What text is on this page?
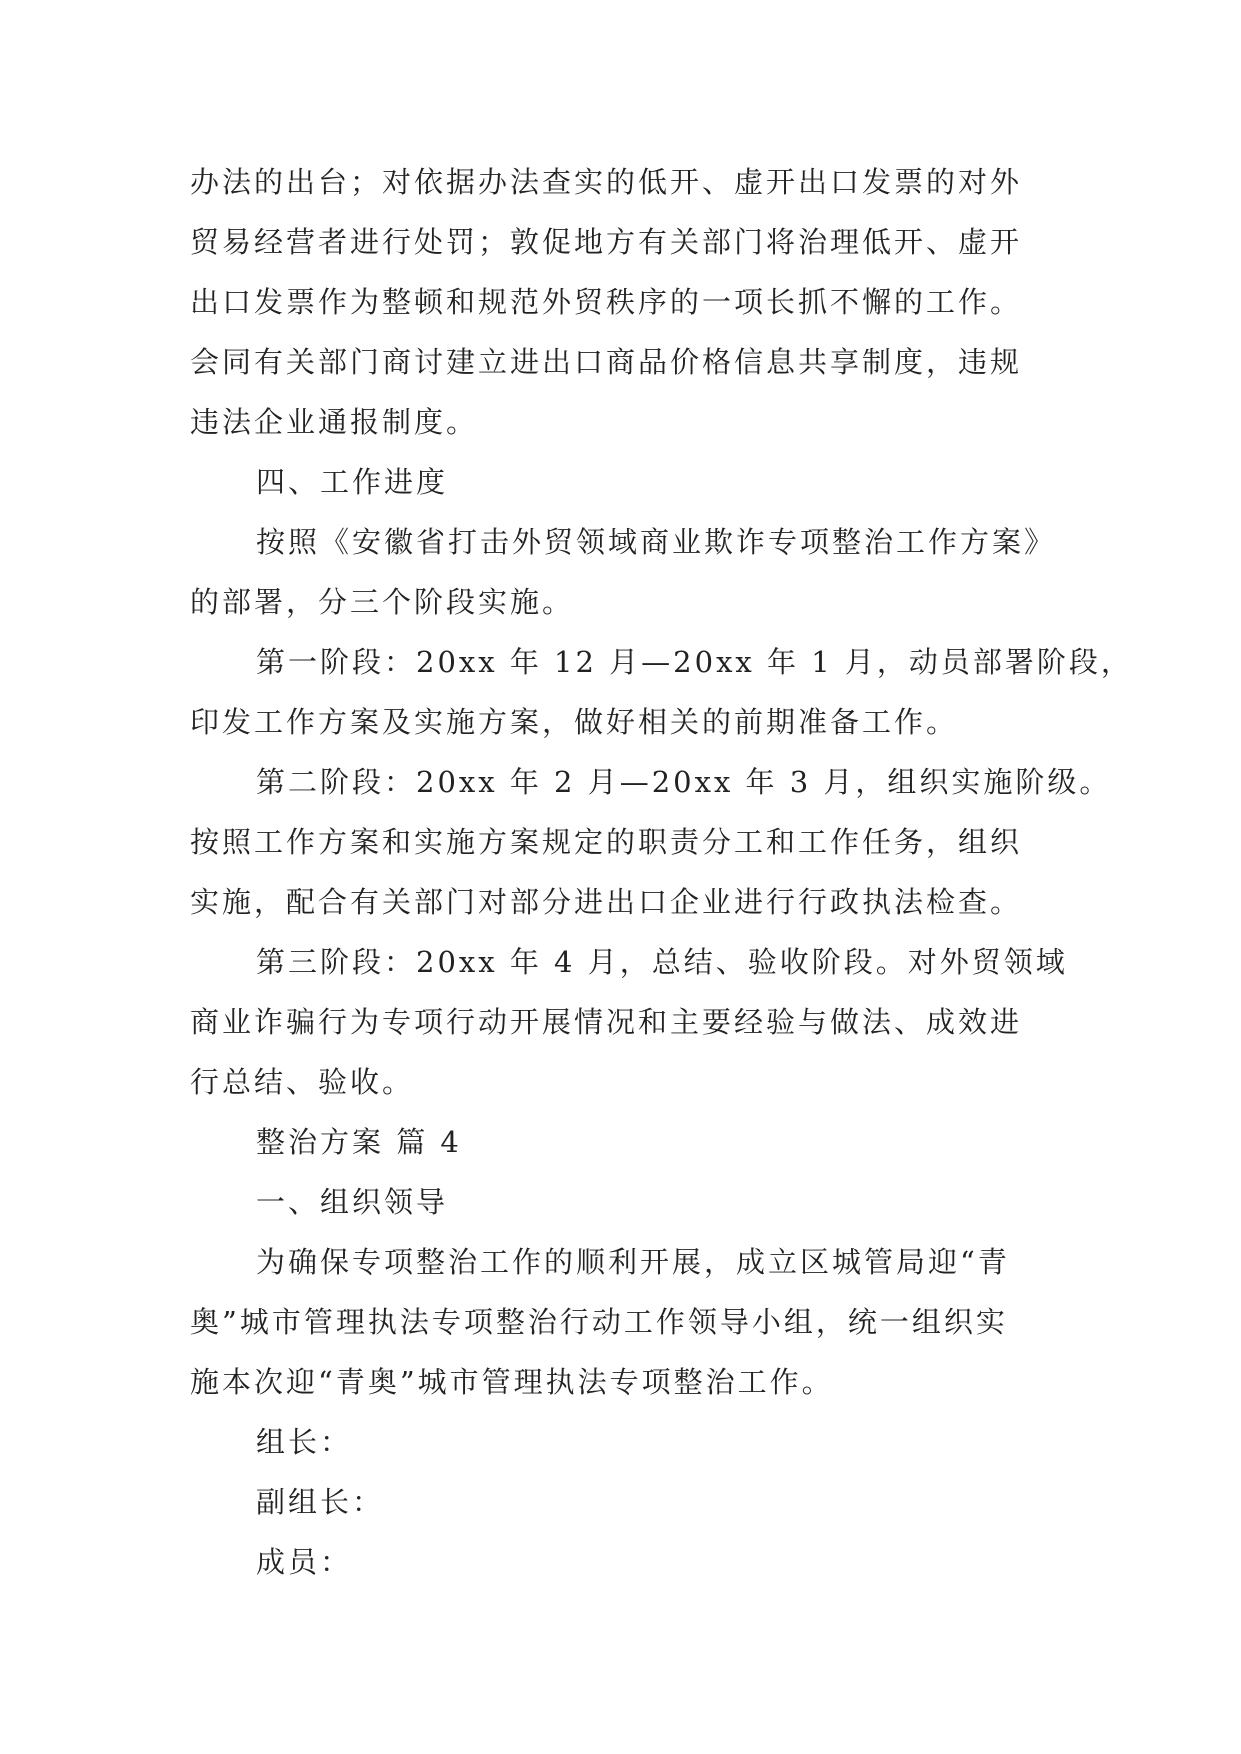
办法的出台；对依据办法查实的低开、虚开出口发票的对外
贸易经营者进行处罚；敦促地方有关部门将治理低开、虚开
出口发票作为整顿和规范外贸秩序的一项长抓不懈的工作。
会同有关部门商讨建立进出口商品价格信息共享制度，违规
违法企业通报制度。
四、工作进度
按照《安徽省打击外贸领域商业欺诈专项整治工作方案》
的部署，分三个阶段实施。
第一阶段：20xx 年 12 月—20xx 年 1 月，动员部署阶段，
印发工作方案及实施方案，做好相关的前期准备工作。
第二阶段：20xx 年 2 月—20xx 年 3 月，组织实施阶级。
按照工作方案和实施方案规定的职责分工和工作任务，组织
实施，配合有关部门对部分进出口企业进行行政执法检查。
第三阶段：20xx 年 4 月，总结、验收阶段。对外贸领域
商业诈骗行为专项行动开展情况和主要经验与做法、成效进
行总结、验收。
整治方案 篇 4
一、组织领导
为确保专项整治工作的顺利开展，成立区城管局迎“青
奥”城市管理执法专项整治行动工作领导小组，统一组织实
施本次迎“青奥”城市管理执法专项整治工作。
组长：
副组长：
成员：
